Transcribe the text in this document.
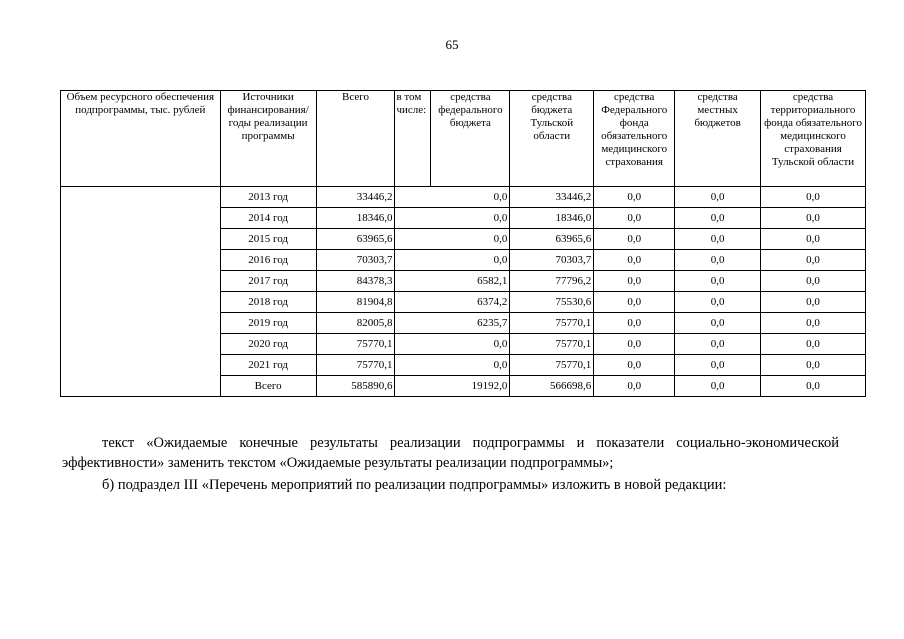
65
Объем ресурсного обеспечения подпрограммы, тыс. рублей	Источники финансирования/ годы реализации программы	Всего	в том числе:	средства федерального бюджета	средства бюджета Тульской области	средства Федерального фонда обязательного медицинского страхования	средства местных бюджетов	средства территориального фонда обязательного медицинского страхования Тульской области
	2013 год	33446,2	0,0		33446,2	0,0	0,0	0,0
	2014 год	18346,0	0,0		18346,0	0,0	0,0	0,0
	2015 год	63965,6	0,0		63965,6	0,0	0,0	0,0
	2016 год	70303,7	0,0		70303,7	0,0	0,0	0,0
	2017 год	84378,3	6582,1		77796,2	0,0	0,0	0,0
	2018 год	81904,8	6374,2		75530,6	0,0	0,0	0,0
	2019 год	82005,8	6235,7		75770,1	0,0	0,0	0,0
	2020 год	75770,1	0,0		75770,1	0,0	0,0	0,0
	2021 год	75770,1	0,0		75770,1	0,0	0,0	0,0
	Всего	585890,6	19192,0		566698,6	0,0	0,0	0,0

текст «Ожидаемые конечные результаты реализации подпрограммы и показатели социально-экономической эффективности» заменить текстом «Ожидаемые результаты реализации подпрограммы»;

б) подраздел III «Перечень мероприятий по реализации подпрограммы» изложить в новой редакции:
